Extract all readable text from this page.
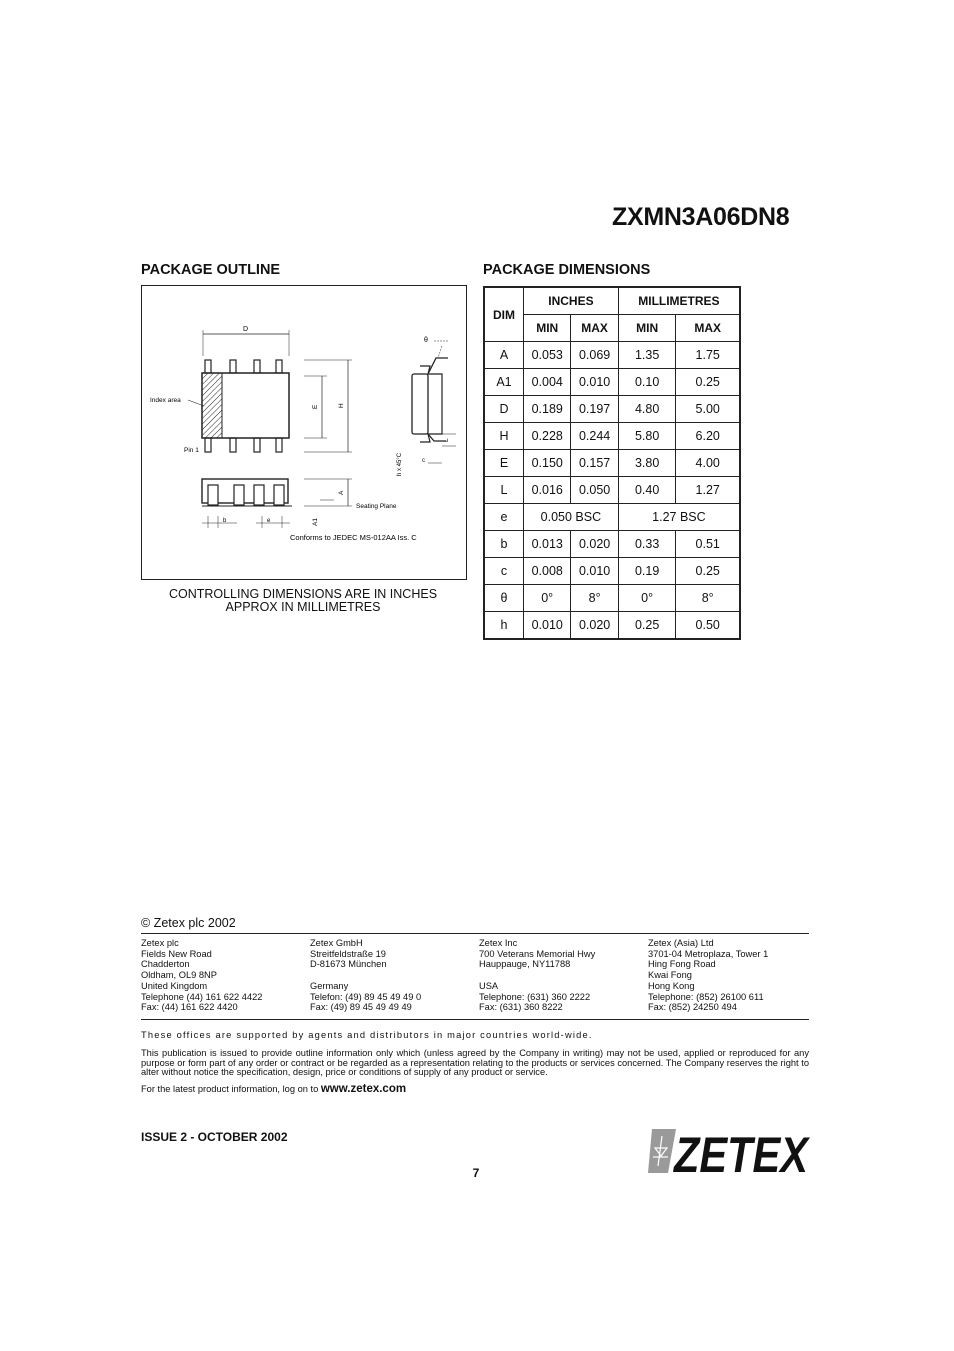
ZXMN3A06DN8
PACKAGE OUTLINE	PACKAGE DIMENSIONS
D
Index area
Pin 1
E	H
θ
h x 45°C
L
c
A
Seating Plane
A1
b	e
Conforms to JEDEC MS-012AA Iss. C
CONTROLLING DIMENSIONS ARE IN INCHES
APPROX IN MILLIMETRES
DIM	INCHES		MILLIMETRES	
	MIN	MAX	MIN	MAX
A	0.053	0.069	1.35	1.75
A1	0.004	0.010	0.10	0.25
D	0.189	0.197	4.80	5.00
H	0.228	0.244	5.80	6.20
E	0.150	0.157	3.80	4.00
L	0.016	0.050	0.40	1.27
e	0.050 BSC		1.27 BSC	
b	0.013	0.020	0.33	0.51
c	0.008	0.010	0.19	0.25
θ	0°	8°	0°	8°
h	0.010	0.020	0.25	0.50
© Zetex plc 2002
Zetex plc
Fields New Road
Chadderton
Oldham, OL9 8NP
United Kingdom
Telephone (44) 161 622 4422
Fax: (44) 161 622 4420
Zetex GmbH
Streitfeldstraße 19
D-81673 München

Germany
Telefon: (49) 89 45 49 49 0
Fax: (49) 89 45 49 49 49
Zetex Inc
700 Veterans Memorial Hwy
Hauppauge, NY11788

USA
Telephone: (631) 360 2222
Fax: (631) 360 8222
Zetex (Asia) Ltd
3701-04 Metroplaza, Tower 1
Hing Fong Road
Kwai Fong
Hong Kong
Telephone: (852) 26100 611
Fax: (852) 24250 494
These offices are supported by agents and distributors in major countries world-wide.
This publication is issued to provide outline information only which (unless agreed by the Company in writing) may not be used, applied or reproduced for any purpose or form part of any order or contract or be regarded as a representation relating to the products or services concerned. The Company reserves the right to alter without notice the specification, design, price or conditions of supply of any product or service.
For the latest product information, log on to www.zetex.com
ISSUE 2 - OCTOBER 2002
7	ZETEX
